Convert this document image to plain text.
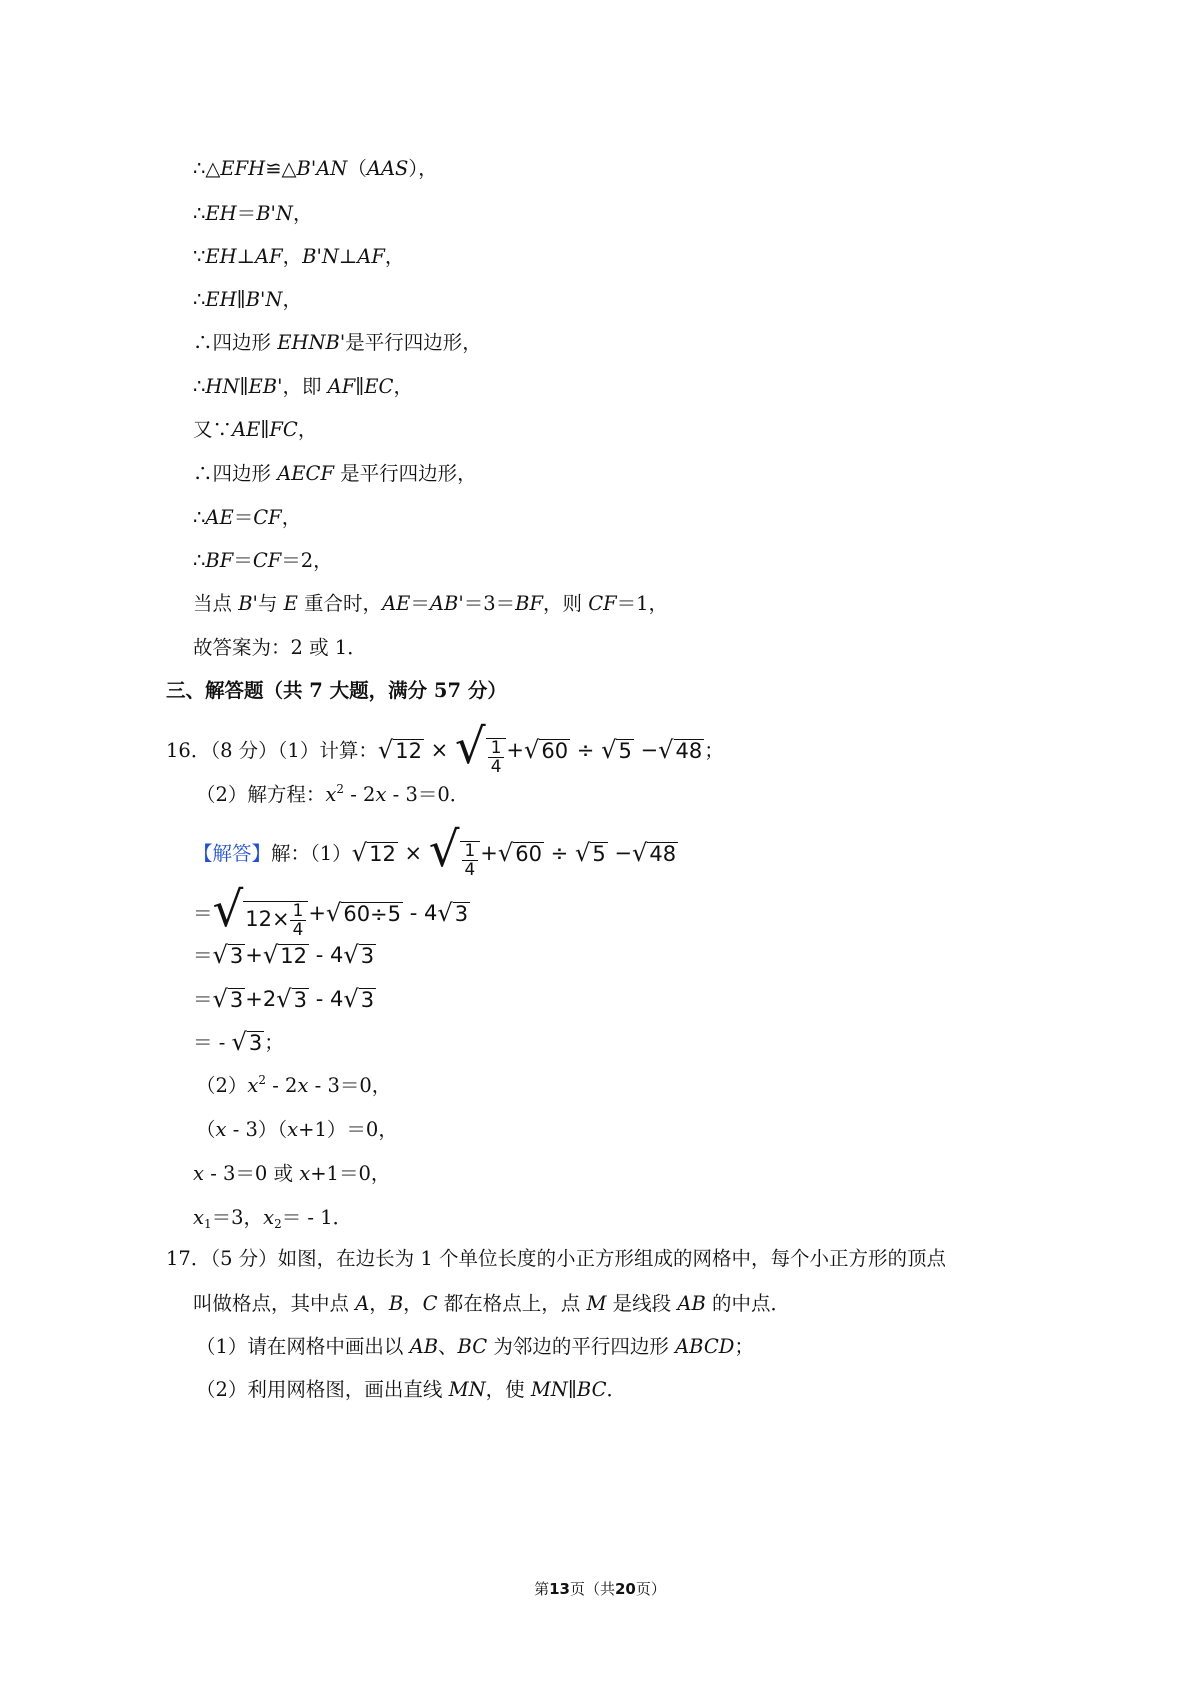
∴△EFH≌△B'AN（AAS），
∴EH＝B'N，
∵EH⊥AF，B'N⊥AF，
∴EH∥B'N，
∴四边形 EHNB'是平行四边形，
∴HN∥EB'，即 AF∥EC，
又∵AE∥FC，
∴四边形 AECF 是平行四边形，
∴AE＝CF，
∴BF＝CF＝2，
当点 B'与 E 重合时，AE＝AB'＝3＝BF，则 CF＝1，
故答案为：2 或 1．
三、解答题（共 7 大题，满分 57 分）
16．（8 分）（1）计算：√12 × √ $\frac{1}{4} +√60 \div √5 -√48$ ；
（2）解方程：$x^2 - 2x - 3=0$．
【解答】解：（1）√12 × √ $\frac{1}{4} +√60 \div √5 -√48$
$=√12\times \frac{1}{4} +√60\div 5 - 4√3$
＝√3+√12 - 4√3
＝√3+2√3 - 4√3
＝ - √3 ；
$(2)x^2 - 2x - 3=0$，
（x - 3）（x+1）＝0，
x - 3＝0 或 x+1＝0，
$x_1=3$，$x_2= - 1$．
17．（5 分）如图，在边长为 1 个单位长度的小正方形组成的网格中，每个小正方形的顶点
叫做格点，其中点 A，B，C 都在格点上，点 M 是线段 AB 的中点．
（1）请在网格中画出以 AB、BC 为邻边的平行四边形 ABCD；
（2）利用网格图，画出直线 MN，使 MN∥BC．
第13页（共20页）
